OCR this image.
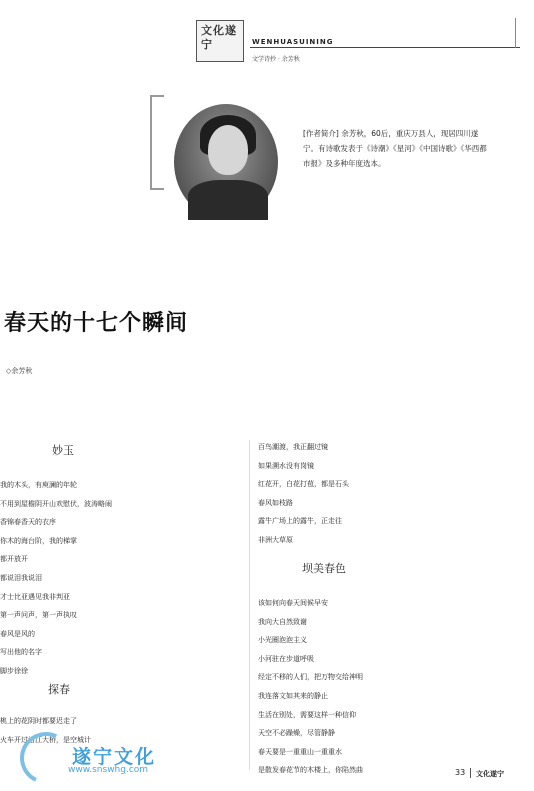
文化遂宁	WENHUASUINING
文学诗抄 · 余芳秋
[作者简介] 余芳秋，60后，重庆万县人，现居四川遂宁。有诗歌发表于《诗潮》《星河》《中国诗歌》《华西都市报》及多种年度选本。
春天的十七个瞬间
◇余芳秋
妙玉
我的木头，有庾澜的年轮
不用到屋檐阴开山欢慰伏，波涛略闹
香锦春香天的衣序
你木的海台阶，我的梯掌
都开放开
都说泪我说泪
才士比亚遇见我非判亚
第一声问声，第一声执叹
春风是风的
写出他的名字
脚步徐徐
探春
桃上的花阴时都要迟走了
火车开过涪江大桥，是空城计
百鸟潮渡，我正翻过镜
如果溯水没有岗镜
红花开，白花打苞，都是石头
春风如枝路
露牛广场上的露牛，正走往
非洲大草原
坝美春色
该如何向春天间候早安
我向大自然致谢
小光圈泡泡主义
小河驻在步道呼吸
经定不移的人们，把万物交给神明
我连落文如其来的静止
生活在别处，需要这样一种信仰
天空不必躁燥，尽管静静
春天要是一重重山一重重水
是散发春花节的木楼上，你陷然曲
遂宁文化
www.snswhg.com	33 文化遂宁
